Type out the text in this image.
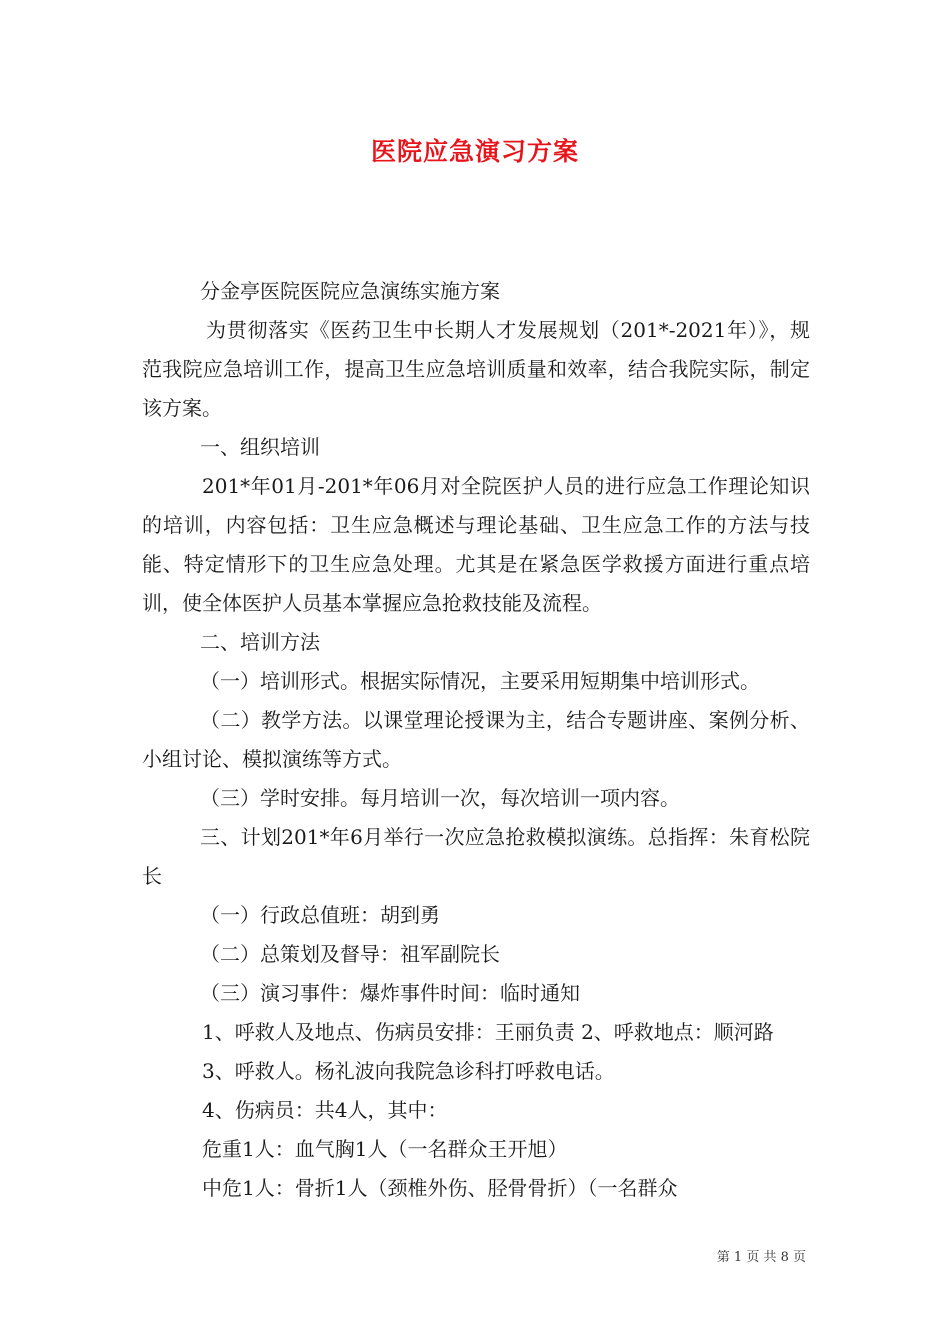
医院应急演习方案

分金亭医院医院应急演练实施方案

为贯彻落实《医药卫生中长期人才发展规划（201*-2021年）》，规范我院应急培训工作，提高卫生应急培训质量和效率，结合我院实际，制定该方案。

一、组织培训

201*年01月-201*年06月对全院医护人员的进行应急工作理论知识的培训，内容包括：卫生应急概述与理论基础、卫生应急工作的方法与技能、特定情形下的卫生应急处理。尤其是在紧急医学救援方面进行重点培训，使全体医护人员基本掌握应急抢救技能及流程。

二、培训方法

（一）培训形式。根据实际情况，主要采用短期集中培训形式。

（二）教学方法。以课堂理论授课为主，结合专题讲座、案例分析、小组讨论、模拟演练等方式。

（三）学时安排。每月培训一次，每次培训一项内容。

三、计划201*年6月举行一次应急抢救模拟演练。总指挥：朱育松院长

（一）行政总值班：胡到勇

（二）总策划及督导：祖军副院长

（三）演习事件：爆炸事件时间：临时通知

1、呼救人及地点、伤病员安排：王丽负责 2、呼救地点：顺河路

3、呼救人。杨礼波向我院急诊科打呼救电话。

4、伤病员：共4人，其中：

危重1人：血气胸1人（一名群众王开旭）

中危1人：骨折1人（颈椎外伤、胫骨骨折）（一名群众

第 1 页 共 8 页
